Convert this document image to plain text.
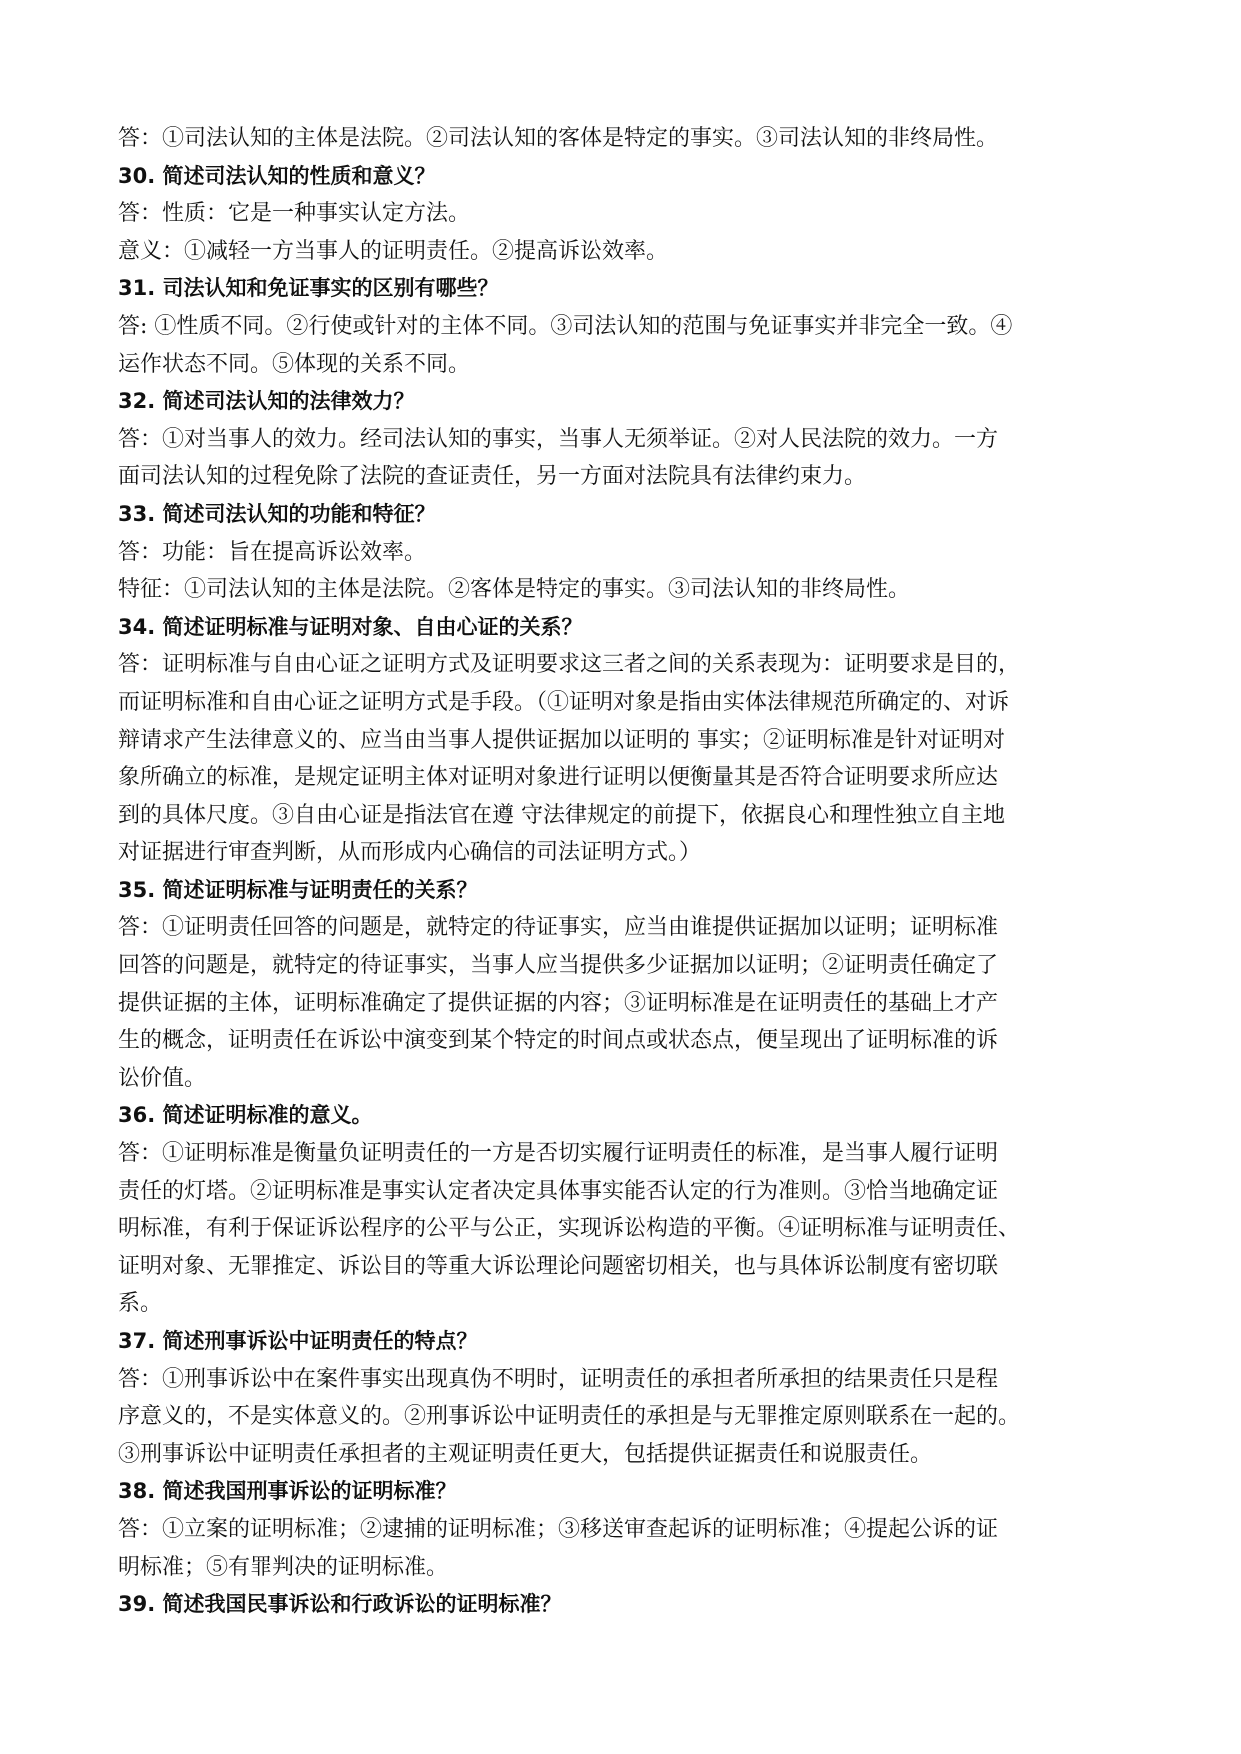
答：①司法认知的主体是法院。②司法认知的客体是特定的事实。③司法认知的非终局性。
30. 简述司法认知的性质和意义？
答：性质：它是一种事实认定方法。
意义：①减轻一方当事人的证明责任。②提高诉讼效率。
31. 司法认知和免证事实的区别有哪些？
答: ①性质不同。②行使或针对的主体不同。③司法认知的范围与免证事实并非完全一致。④
运作状态不同。⑤体现的关系不同。
32. 简述司法认知的法律效力？
答：①对当事人的效力。经司法认知的事实，当事人无须举证。②对人民法院的效力。一方
面司法认知的过程免除了法院的查证责任，另一方面对法院具有法律约束力。
33. 简述司法认知的功能和特征？
答：功能：旨在提高诉讼效率。
特征：①司法认知的主体是法院。②客体是特定的事实。③司法认知的非终局性。
34. 简述证明标准与证明对象、自由心证的关系？
答：证明标准与自由心证之证明方式及证明要求这三者之间的关系表现为：证明要求是目的，
而证明标准和自由心证之证明方式是手段。（①证明对象是指由实体法律规范所确定的、对诉
辩请求产生法律意义的、应当由当事人提供证据加以证明的 事实；②证明标准是针对证明对
象所确立的标准，是规定证明主体对证明对象进行证明以便衡量其是否符合证明要求所应达
到的具体尺度。③自由心证是指法官在遵 守法律规定的前提下，依据良心和理性独立自主地
对证据进行审查判断，从而形成内心确信的司法证明方式。）
35. 简述证明标准与证明责任的关系？
答：①证明责任回答的问题是，就特定的待证事实，应当由谁提供证据加以证明；证明标准
回答的问题是，就特定的待证事实，当事人应当提供多少证据加以证明；②证明责任确定了
提供证据的主体，证明标准确定了提供证据的内容；③证明标准是在证明责任的基础上才产
生的概念，证明责任在诉讼中演变到某个特定的时间点或状态点，便呈现出了证明标准的诉
讼价值。
36. 简述证明标准的意义。
答：①证明标准是衡量负证明责任的一方是否切实履行证明责任的标准，是当事人履行证明
责任的灯塔。②证明标准是事实认定者决定具体事实能否认定的行为准则。③恰当地确定证
明标准，有利于保证诉讼程序的公平与公正，实现诉讼构造的平衡。④证明标准与证明责任、
证明对象、无罪推定、诉讼目的等重大诉讼理论问题密切相关，也与具体诉讼制度有密切联
系。
37. 简述刑事诉讼中证明责任的特点？
答：①刑事诉讼中在案件事实出现真伪不明时，证明责任的承担者所承担的结果责任只是程
序意义的，不是实体意义的。②刑事诉讼中证明责任的承担是与无罪推定原则联系在一起的。
③刑事诉讼中证明责任承担者的主观证明责任更大，包括提供证据责任和说服责任。
38. 简述我国刑事诉讼的证明标准？
答：①立案的证明标准；②逮捕的证明标准；③移送审查起诉的证明标准；④提起公诉的证
明标准；⑤有罪判决的证明标准。
39. 简述我国民事诉讼和行政诉讼的证明标准？
